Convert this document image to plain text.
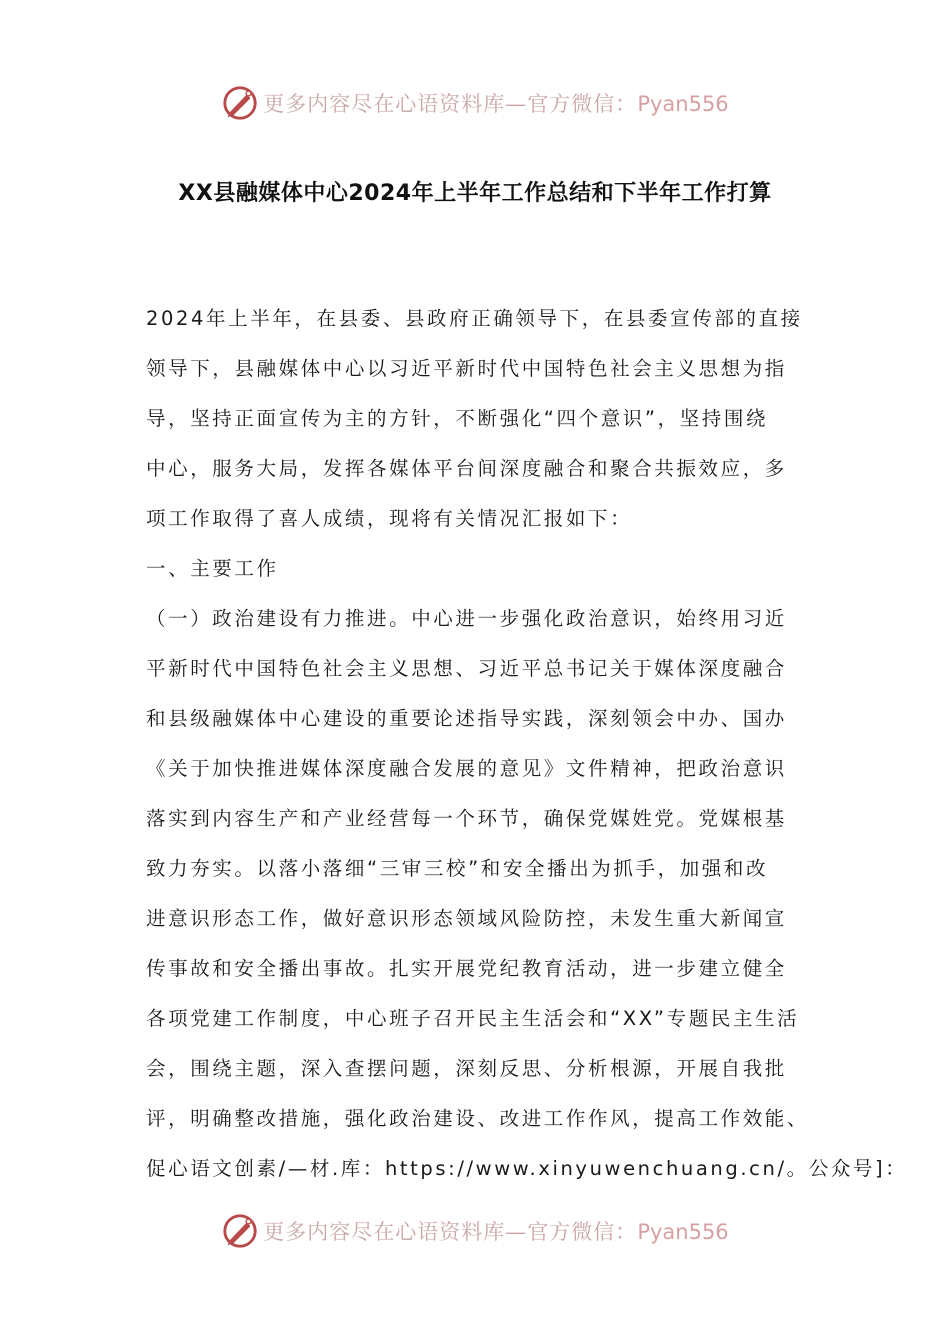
更多内容尽在心语资料库—官方微信：Pyan556
XX县融媒体中心2024年上半年工作总结和下半年工作打算
2024年上半年，在县委、县政府正确领导下，在县委宣传部的直接
领导下，县融媒体中心以习近平新时代中国特色社会主义思想为指
导，坚持正面宣传为主的方针，不断强化“四个意识”，坚持围绕
中心，服务大局，发挥各媒体平台间深度融合和聚合共振效应，多
项工作取得了喜人成绩，现将有关情况汇报如下：
一、主要工作
（一）政治建设有力推进。中心进一步强化政治意识，始终用习近
平新时代中国特色社会主义思想、习近平总书记关于媒体深度融合
和县级融媒体中心建设的重要论述指导实践，深刻领会中办、国办
《关于加快推进媒体深度融合发展的意见》文件精神，把政治意识
落实到内容生产和产业经营每一个环节，确保党媒姓党。党媒根基
致力夯实。以落小落细“三审三校”和安全播出为抓手，加强和改
进意识形态工作，做好意识形态领域风险防控，未发生重大新闻宣
传事故和安全播出事故。扎实开展党纪教育活动，进一步建立健全
各项党建工作制度，中心班子召开民主生活会和“XX”专题民主生活
会，围绕主题，深入查摆问题，深刻反思、分析根源，开展自我批
评，明确整改措施，强化政治建设、改进工作作风，提高工作效能、
促心语文创素/—材.库：https://www.xinyuwenchuang.cn/。公众号]：
更多内容尽在心语资料库—官方微信：Pyan556
